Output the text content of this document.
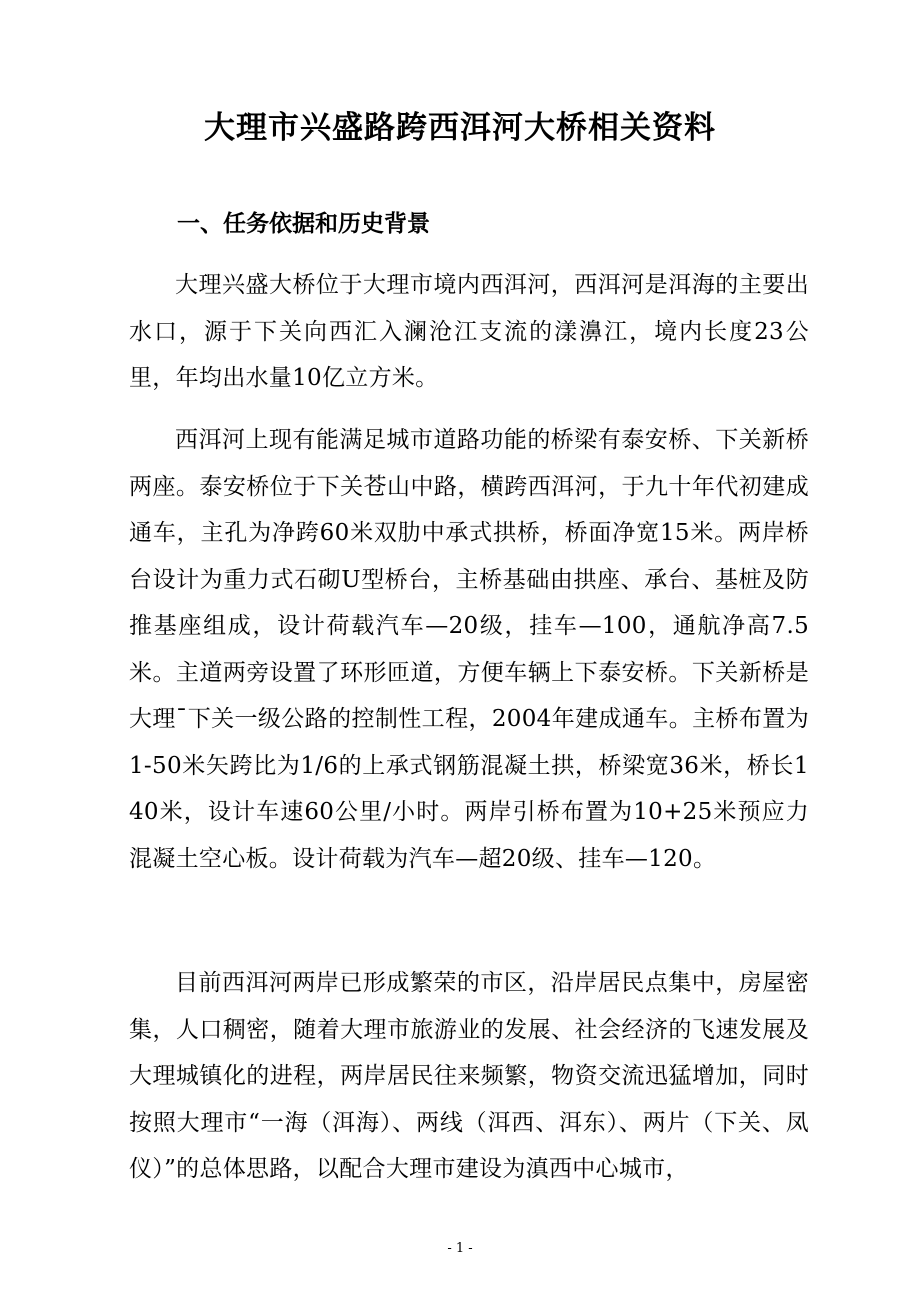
大理市兴盛路跨西洱河大桥相关资料
一、任务依据和历史背景

大理兴盛大桥位于大理市境内西洱河，西洱河是洱海的主要出水口，源于下关向西汇入澜沧江支流的漾濞江，境内长度23公里，年均出水量10亿立方米。

西洱河上现有能满足城市道路功能的桥梁有泰安桥、下关新桥两座。泰安桥位于下关苍山中路，横跨西洱河，于九十年代初建成通车，主孔为净跨60米双肋中承式拱桥，桥面净宽15米。两岸桥台设计为重力式石砌U型桥台，主桥基础由拱座、承台、基桩及防推基座组成，设计荷载汽车—20级，挂车—100，通航净高7.5米。主道两旁设置了环形匝道，方便车辆上下泰安桥。下关新桥是大理¯下关一级公路的控制性工程，2004年建成通车。主桥布置为1-50米矢跨比为1/6的上承式钢筋混凝土拱，桥梁宽36米，桥长140米，设计车速60公里/小时。两岸引桥布置为10+25米预应力混凝土空心板。设计荷载为汽车—超20级、挂车—120。

目前西洱河两岸已形成繁荣的市区，沿岸居民点集中，房屋密集，人口稠密，随着大理市旅游业的发展、社会经济的飞速发展及大理城镇化的进程，两岸居民往来频繁，物资交流迅猛增加，同时按照大理市“一海（洱海）、两线（洱西、洱东）、两片（下关、凤仪）”的总体思路，以配合大理市建设为滇西中心城市，

- 1 -
